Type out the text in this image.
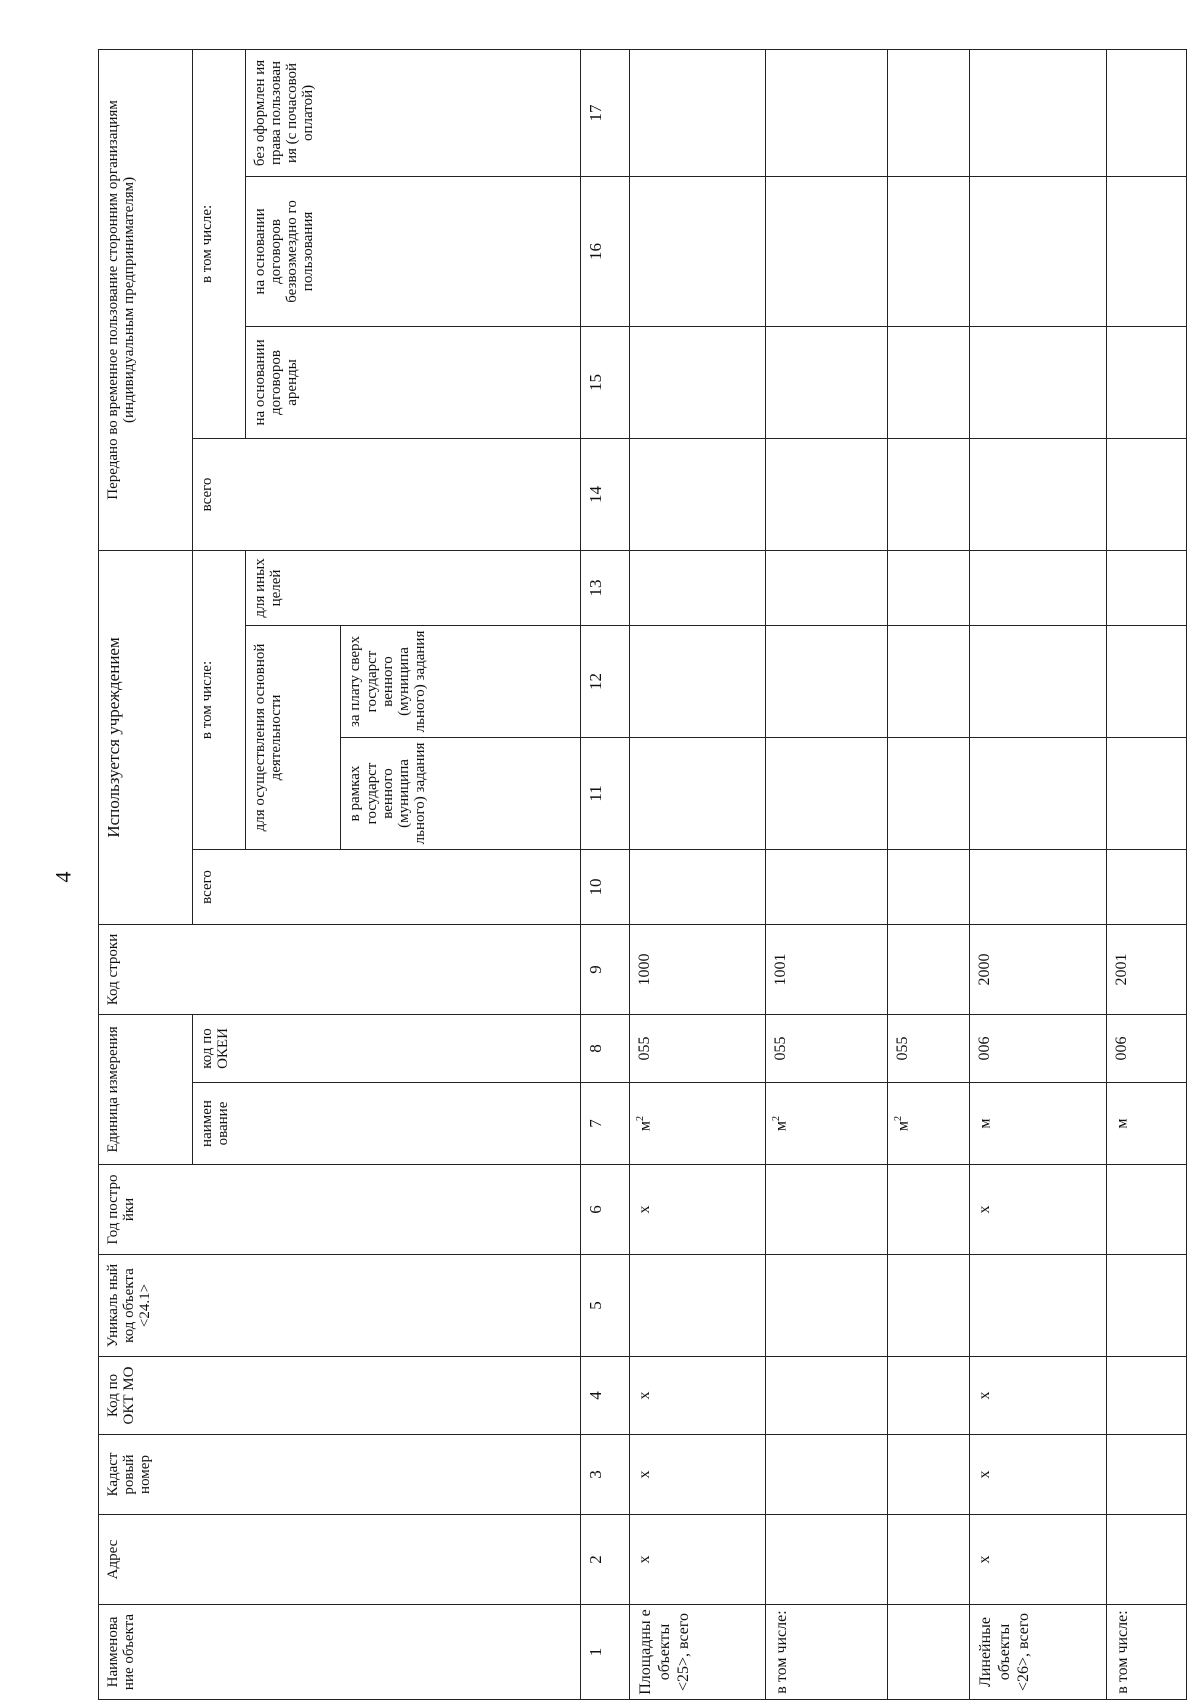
4
Наименова ние объекта	Адрес	Кадаст ровый номер	Код по ОКТ МО	Уникаль ный код объекта <24.1>	Год постро йки	Единица измерения		Код строки	Используется учреждением				Передано во временное пользование сторонним организациям (индивидуальным предпринимателям)			
						наимен ование	код по ОКЕИ		всего	в том числе:			всего	в том числе:		
										для осуществления основной деятельности		для иных целей		на основании договоров аренды	на основании договоров безвозмездно го пользования	без оформлен ия права пользован ия (с почасовой оплатой)
										в рамках государст венного (муниципа льного) задания	за плату сверх государст венного (муниципа льного) задания					
1	2	3	4	5	6	7	8	9	10	11	12	13	14	15	16	17
Площадны е объекты <25>, всего	х	х	х		х	$м^2$	055	1000								
в том числе:						$м^2$	055	1001								
						$м^2$	055									
Линейные объекты <26>, всего	х	х	х		х	м	006	2000								
в том числе:						м	006	2001								
